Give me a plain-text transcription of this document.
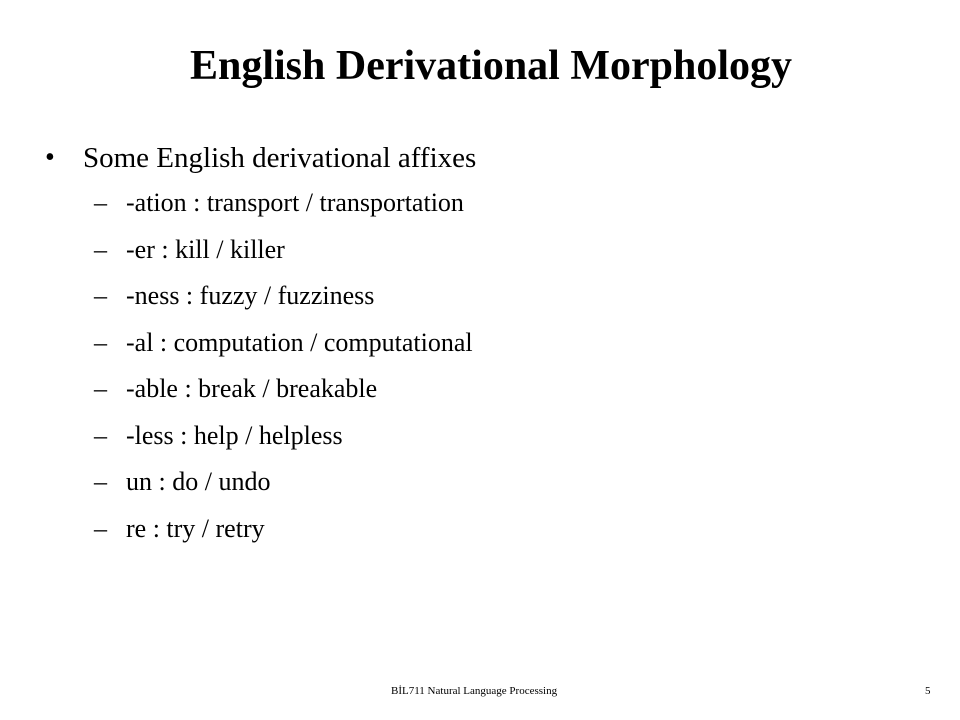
English Derivational Morphology
• Some English derivational affixes
– -ation : transport / transportation
– -er : kill / killer
– -ness : fuzzy / fuzziness
– -al : computation / computational
– -able : break / breakable
– -less : help / helpless
– un : do / undo
– re : try / retry
BİL711 Natural Language Processing	5
